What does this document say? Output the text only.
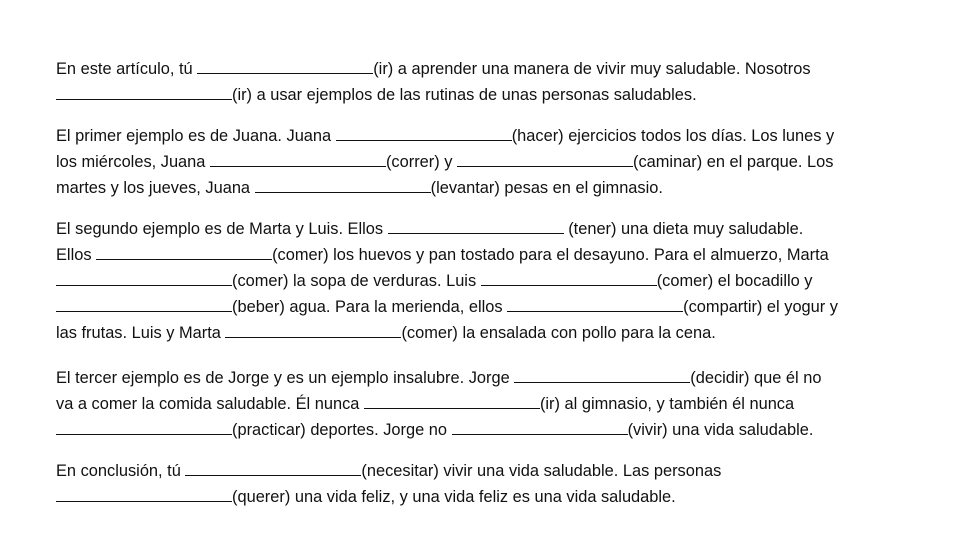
En este artículo, tú	(ir) a aprender una manera de vivir muy saludable. Nosotros
(ir) a usar ejemplos de las rutinas de unas personas saludables.
El primer ejemplo es de Juana. Juana	(hacer) ejercicios todos los días. Los lunes y
los miércoles, Juana	(correr) y	(caminar) en el parque. Los
martes y los jueves, Juana	(levantar) pesas en el gimnasio.
El segundo ejemplo es de Marta y Luis. Ellos	(tener) una dieta muy saludable.
Ellos	(comer) los huevos y pan tostado para el desayuno. Para el almuerzo, Marta
(comer) la sopa de verduras. Luis	(comer) el bocadillo y
(beber) agua. Para la merienda, ellos	(compartir) el yogur y
las frutas. Luis y Marta	(comer) la ensalada con pollo para la cena.
El tercer ejemplo es de Jorge y es un ejemplo insalubre. Jorge	(decidir) que él no
va a comer la comida saludable. Él nunca	(ir) al gimnasio, y también él nunca
(practicar) deportes. Jorge no	(vivir) una vida saludable.
En conclusión, tú	(necesitar) vivir una vida saludable. Las personas
(querer) una vida feliz, y una vida feliz es una vida saludable.
